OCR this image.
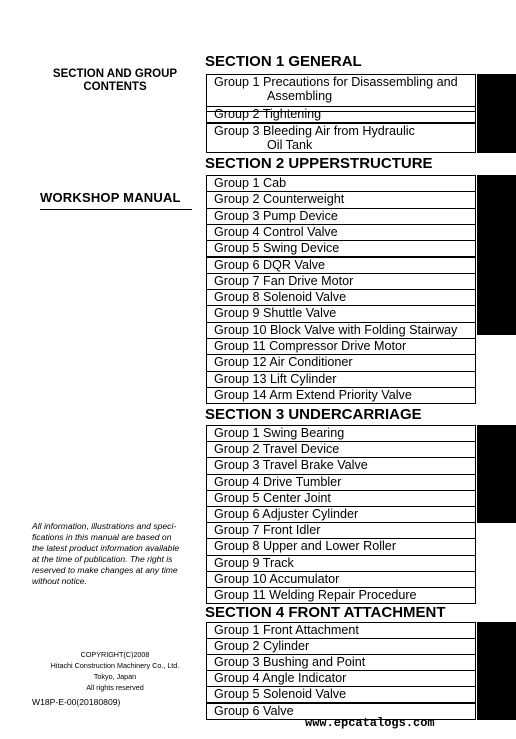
SECTION AND GROUP
CONTENTS
WORKSHOP MANUAL
All information, illustrations and speci-
fications in this manual are based on
the latest product information available
at the time of publication. The right is
reserved to make changes at any time
without notice.
COPYRIGHT(C)2008
Hitachi Construction Machinery Co., Ltd.
Tokyo, Japan
All rights reserved
W18P-E-00(20180809)
SECTION 1 GENERAL
Group 1 Precautions for Disassembling and
Assembling
Group 2 Tightening
Group 3 Bleeding Air from Hydraulic
Oil Tank
SECTION 2 UPPERSTRUCTURE
Group 1 Cab
Group 2 Counterweight
Group 3 Pump Device
Group 4 Control Valve
Group 5 Swing Device
Group 6 DQR Valve
Group 7 Fan Drive Motor
Group 8 Solenoid Valve
Group 9 Shuttle Valve
Group 10 Block Valve with Folding Stairway
Group 11 Compressor Drive Motor
Group 12 Air Conditioner
Group 13 Lift Cylinder
Group 14 Arm Extend Priority Valve
SECTION 3 UNDERCARRIAGE
Group 1 Swing Bearing
Group 2 Travel Device
Group 3 Travel Brake Valve
Group 4 Drive Tumbler
Group 5 Center Joint
Group 6 Adjuster Cylinder
Group 7 Front Idler
Group 8 Upper and Lower Roller
Group 9 Track
Group 10 Accumulator
Group 11 Welding Repair Procedure
SECTION 4 FRONT ATTACHMENT
Group 1 Front Attachment
Group 2 Cylinder
Group 3 Bushing and Point
Group 4 Angle Indicator
Group 5 Solenoid Valve
Group 6 Valve
www.epcatalogs.com
